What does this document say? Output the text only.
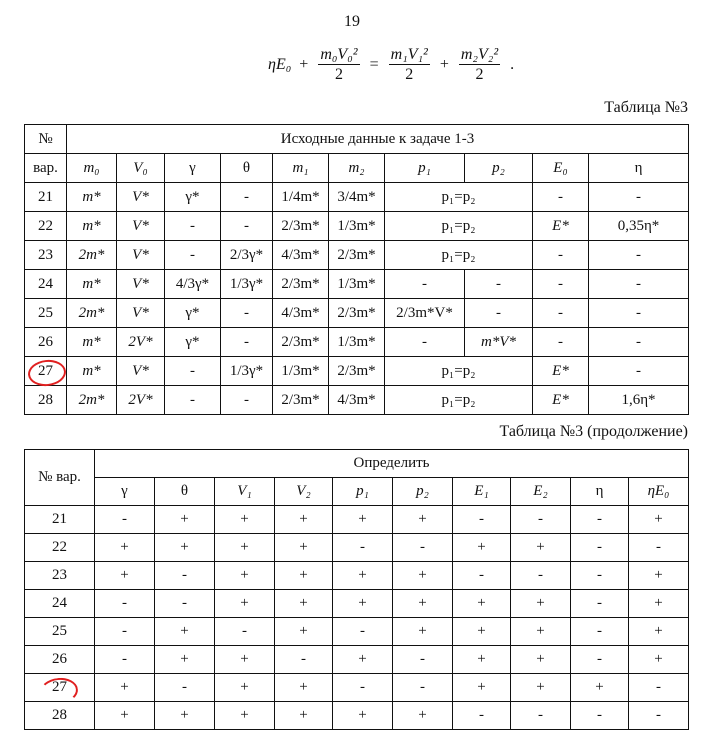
19
$\eta E_0 + \frac{\text{m₀V₀²}}{2} = \frac{\text{m₁V₁²}}{2} + \frac{\text{m₂V₂²}}{2}$ .
Таблица №3
№	Исходные данные к задаче 1-3									
вар.	m₀	V₀	γ	θ	m₁	m₂	p₁	p₂	E₀	η
21	m*	V*	γ*	-	1/4m*	3/4m*	p₁=p₂		-	-
22	m*	V*	-	-	2/3m*	1/3m*	p₁=p₂		E*	0,35η*
23	2m*	V*	-	2/3γ*	4/3m*	2/3m*	p₁=p₂		-	-
24	m*	V*	4/3γ*	1/3γ*	2/3m*	1/3m*	-	-	-	-
25	2m*	V*	γ*	-	4/3m*	2/3m*	2/3m*V*	-	-	-
26	m*	2V*	γ*	-	2/3m*	1/3m*	-	m*V*	-	-
27	m*	V*	-	1/3γ*	1/3m*	2/3m*	p₁=p₂		E*	-
28	2m*	2V*	-	-	2/3m*	4/3m*	p₁=p₂		E*	1,6η*
Таблица №3 (продолжение)
№ вар.	Определить									
	γ	θ	V₁	V₂	p₁	p₂	E₁	E₂	η	ηE₀
21	-	+	+	+	+	+	-	-	-	+
22	+	+	+	+	-	-	+	+	-	-
23	+	-	+	+	+	+	-	-	-	+
24	-	-	+	+	+	+	+	+	-	+
25	-	+	-	+	-	+	+	+	-	+
26	-	+	+	-	+	-	+	+	-	+
27	+	-	+	+	-	-	+	+	+	-
28	+	+	+	+	+	+	-	-	-	-
